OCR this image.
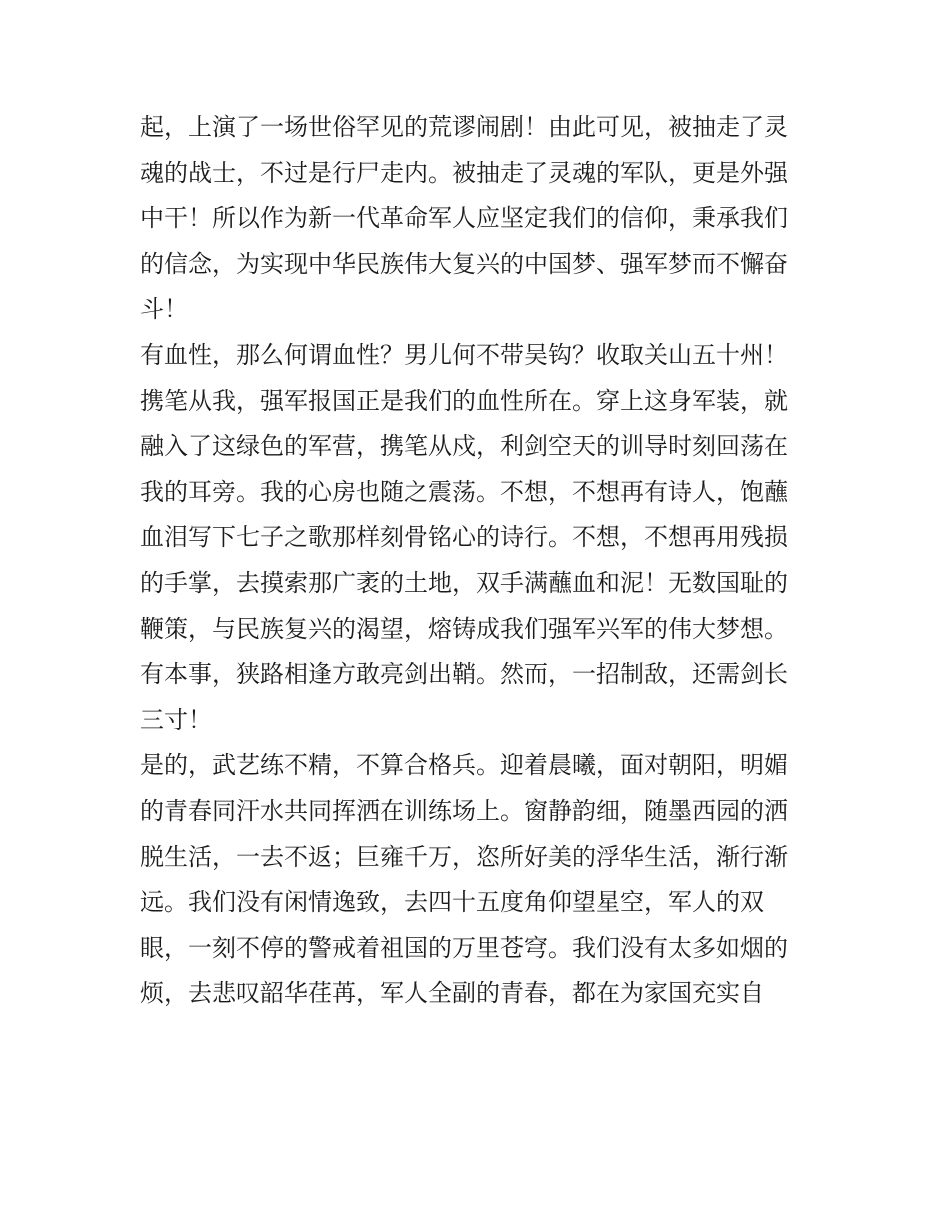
起，上演了一场世俗罕见的荒谬闹剧！由此可见，被抽走了灵
魂的战士，不过是行尸走内。被抽走了灵魂的军队，更是外强
中干！所以作为新一代革命军人应坚定我们的信仰，秉承我们
的信念，为实现中华民族伟大复兴的中国梦、强军梦而不懈奋
斗！
有血性，那么何谓血性？男儿何不带吴钩？收取关山五十州！
携笔从我，强军报国正是我们的血性所在。穿上这身军装，就
融入了这绿色的军营，携笔从戍，利剑空天的训导时刻回荡在
我的耳旁。我的心房也随之震荡。不想，不想再有诗人，饱蘸
血泪写下七子之歌那样刻骨铭心的诗行。不想，不想再用残损
的手掌，去摸索那广袤的土地，双手满蘸血和泥！无数国耻的
鞭策，与民族复兴的渴望，熔铸成我们强军兴军的伟大梦想。
有本事，狭路相逢方敢亮剑出鞘。然而，一招制敌，还需剑长
三寸！
是的，武艺练不精，不算合格兵。迎着晨曦，面对朝阳，明媚
的青春同汗水共同挥洒在训练场上。窗静韵细，随墨西园的洒
脱生活，一去不返；巨雍千万，恣所好美的浮华生活，渐行渐
远。我们没有闲情逸致，去四十五度角仰望星空，军人的双
眼，一刻不停的警戒着祖国的万里苍穹。我们没有太多如烟的
烦，去悲叹韶华荏苒，军人全副的青春，都在为家国充实自
